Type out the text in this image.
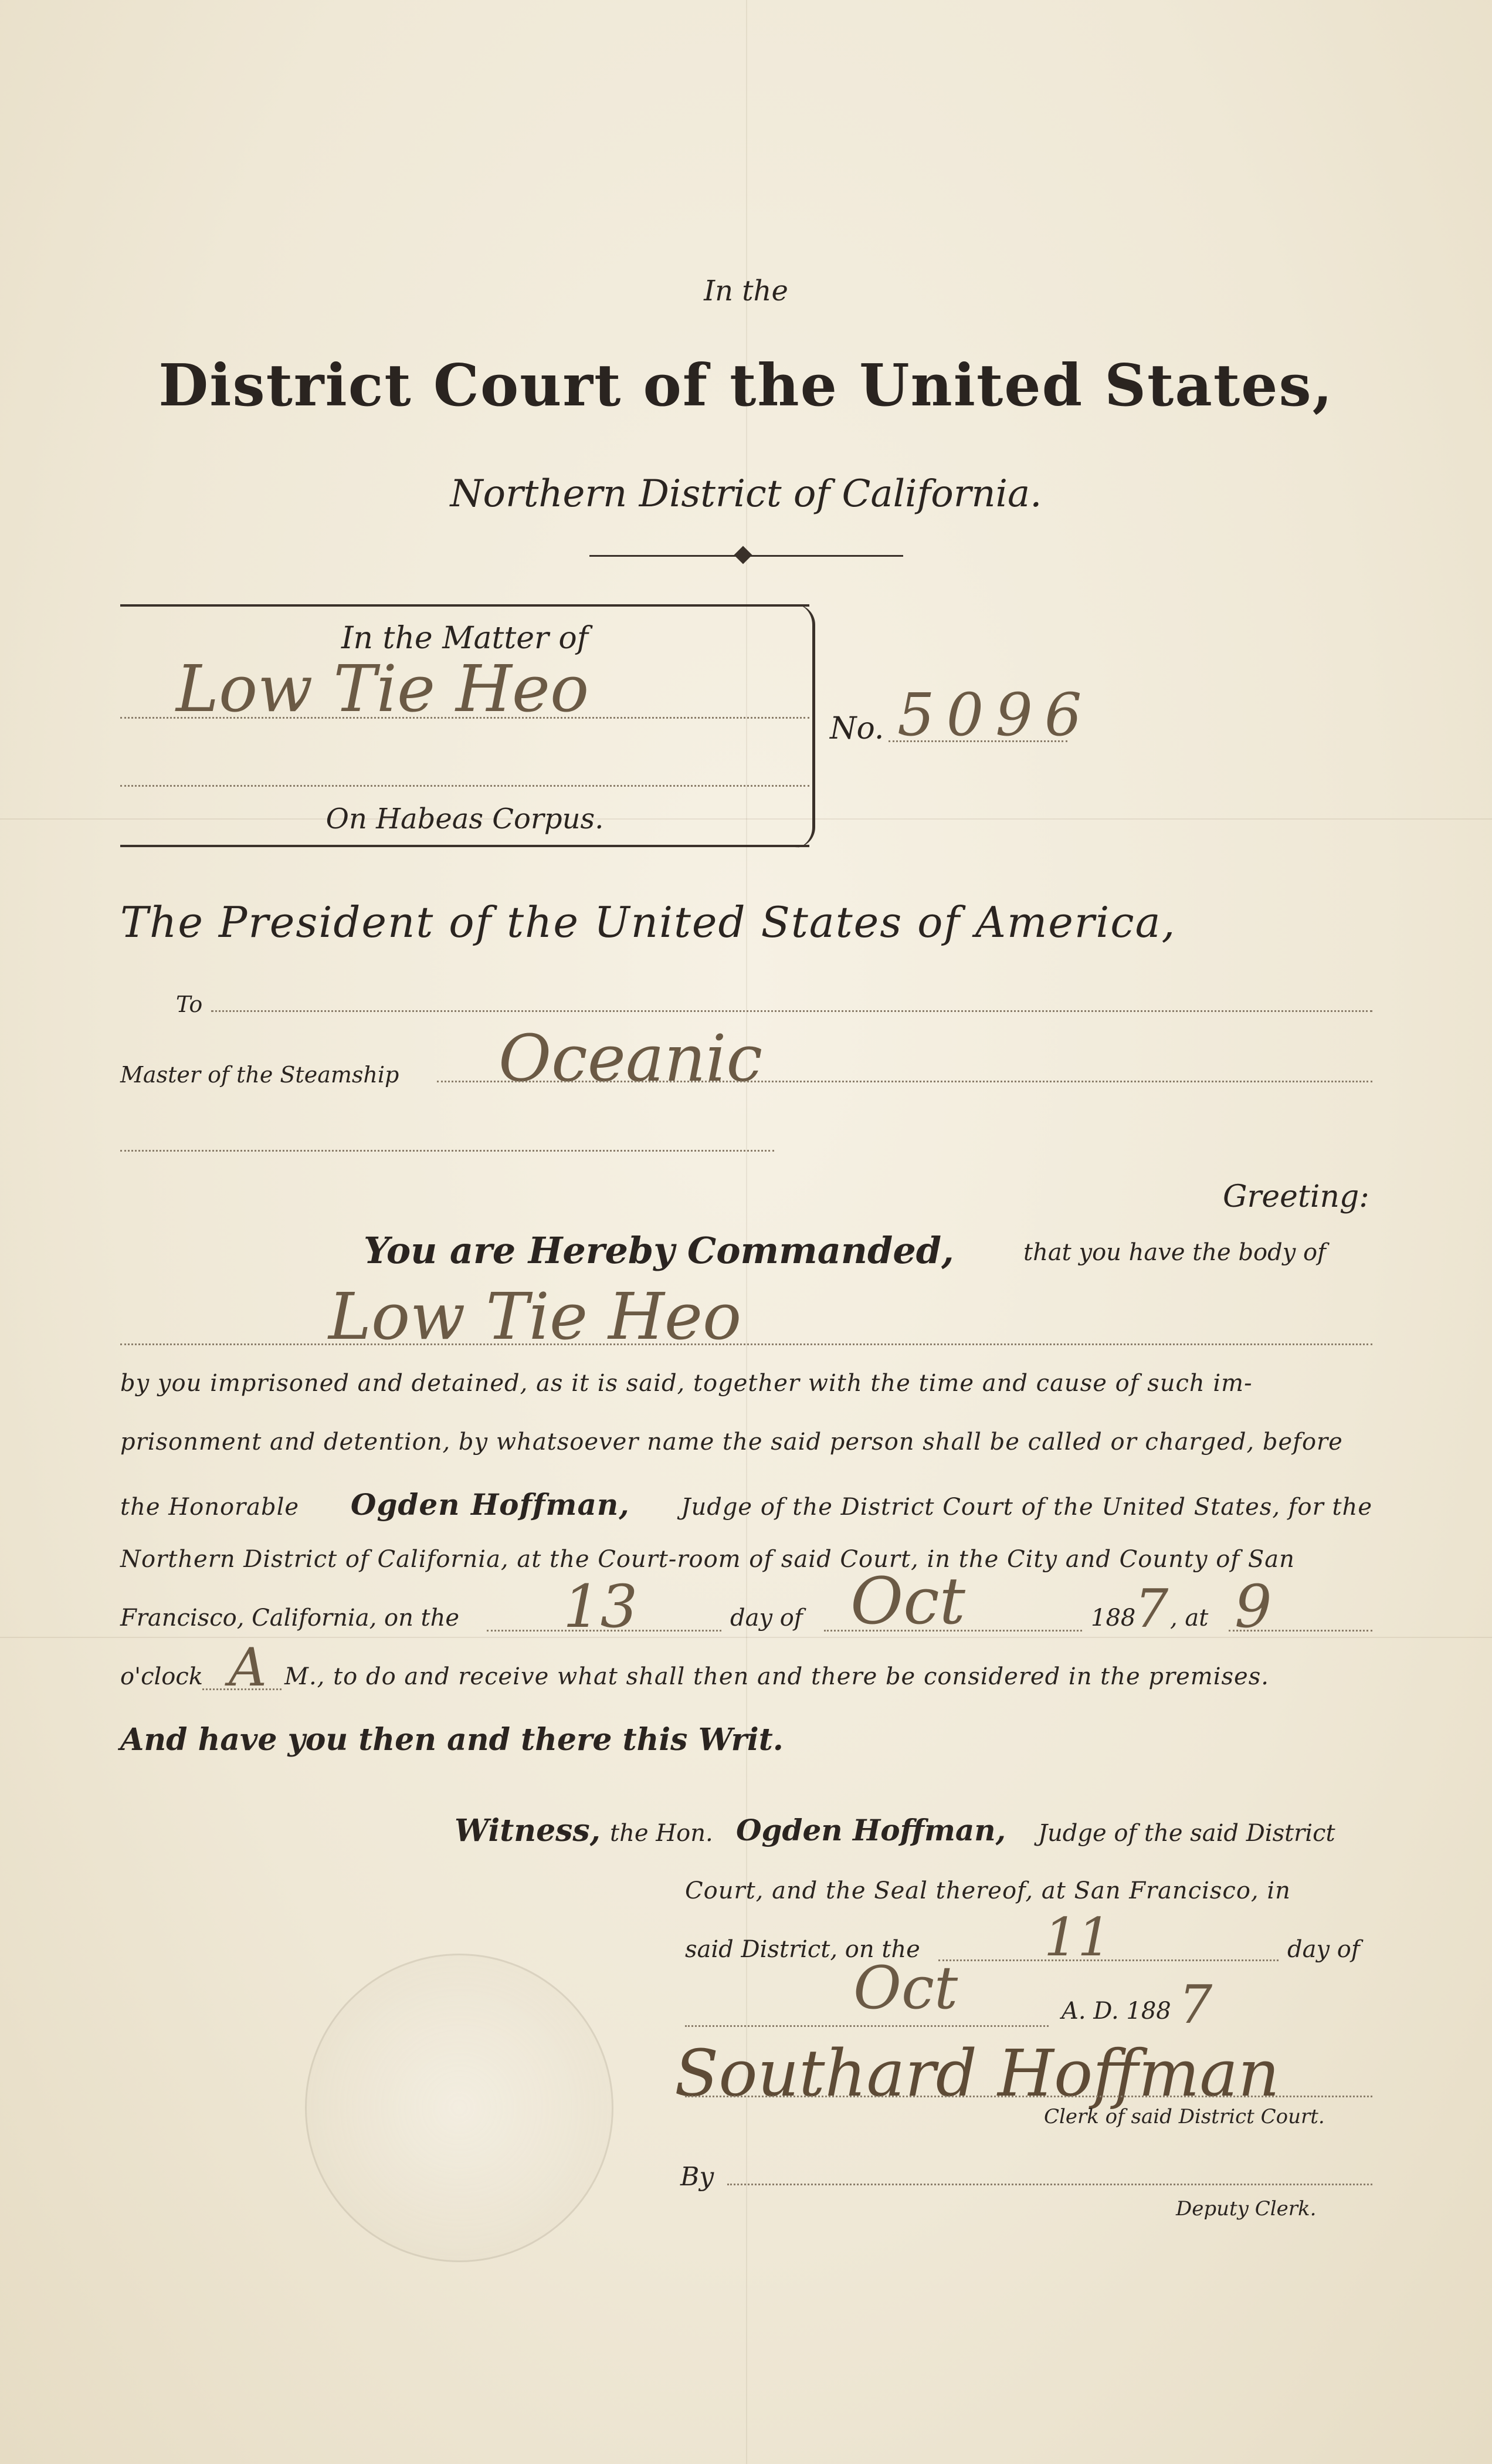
In the
District Court of the United States,
Northern District of California.
In the Matter of
Low Tie Heo
On Habeas Corpus.
No. 5096
The President of the United States of America,
To
Master of the Steamship Oceanic
Greeting:
You are Hereby Commanded,	that you have the body of
Low Tie Heo
by you imprisoned and detained, as it is said, together with the time and cause of such im-
prisonment and detention, by whatsoever name the said person shall be called or charged, before
the Honorable Ogden Hoffman, Judge of the District Court of the United States, for the
Northern District of California, at the Court-room of said Court, in the City and County of San
Francisco, California, on the 13	day of Oct	188
7 , at 9
o'clock A M., to do and receive what shall then and there be considered in the premises.
And have you then and there this Writ.
Witness, the Hon. Ogden Hoffman, Judge of the said District
Court, and the Seal thereof, at San Francisco, in
said District, on the 11	day of
Oct	A. D. 188 7
Southard Hoffman
Clerk of said District Court.
By
Deputy Clerk.
